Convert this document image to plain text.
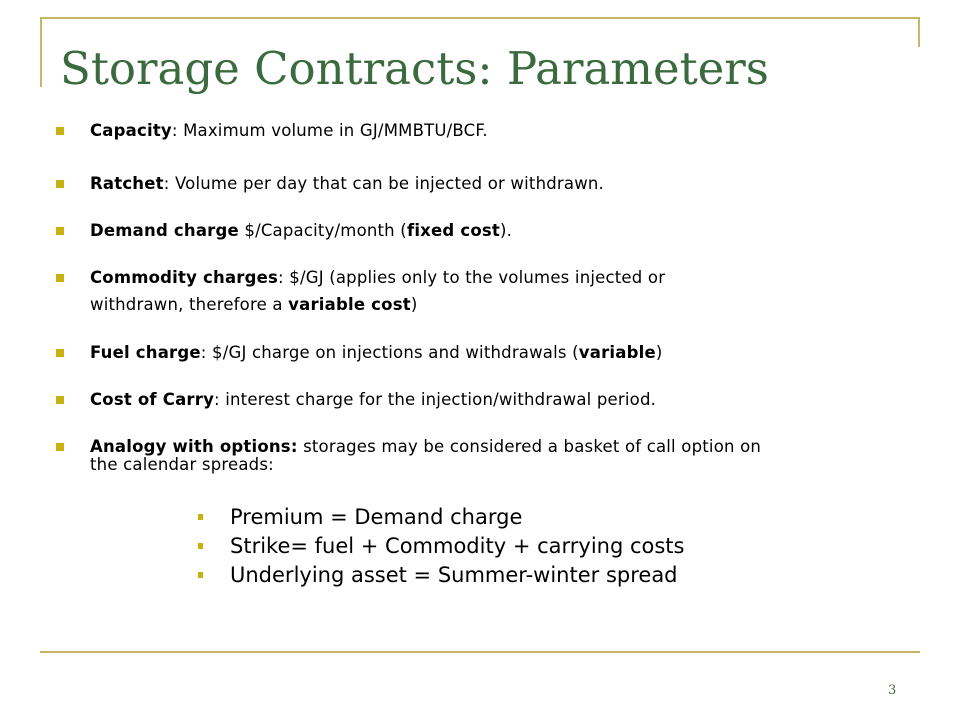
Storage Contracts: Parameters
Capacity: Maximum volume in GJ/MMBTU/BCF.
Ratchet: Volume per day that can be injected or withdrawn.
Demand charge $/Capacity/month (fixed cost).
Commodity charges: $/GJ (applies only to the volumes injected or
withdrawn, therefore a variable cost)
Fuel charge: $/GJ charge on injections and withdrawals (variable)
Cost of Carry: interest charge for the injection/withdrawal period.
Analogy with options: storages may be considered a basket of call option on
the calendar spreads:
Premium = Demand charge
Strike= fuel + Commodity + carrying costs
Underlying asset = Summer-winter spread
3
